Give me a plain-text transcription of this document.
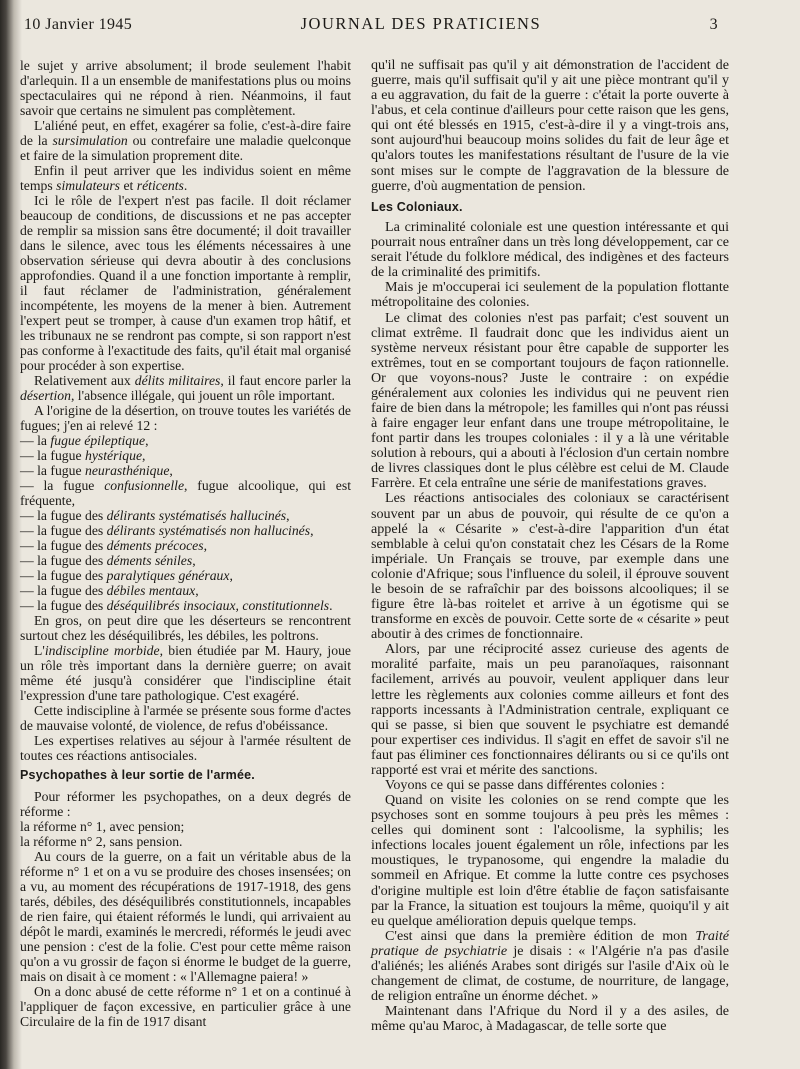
10 Janvier 1945	JOURNAL DES PRATICIENS	3

le sujet y arrive absolument; il brode seulement l'habit d'arlequin. Il a un ensemble de manifestations plus ou moins spectaculaires qui ne répond à rien. Néanmoins, il faut savoir que certains ne simulent pas complètement.

L'aliéné peut, en effet, exagérer sa folie, c'est-à-dire faire de la sursimulation ou contrefaire une maladie quelconque et faire de la simulation proprement dite.

Enfin il peut arriver que les individus soient en même temps simulateurs et réticents.

Ici le rôle de l'expert n'est pas facile. Il doit réclamer beaucoup de conditions, de discussions et ne pas accepter de remplir sa mission sans être documenté; il doit travailler dans le silence, avec tous les éléments nécessaires à une observation sérieuse qui devra aboutir à des conclusions approfondies. Quand il a une fonction importante à remplir, il faut réclamer de l'administration, généralement incompétente, les moyens de la mener à bien. Autrement l'expert peut se tromper, à cause d'un examen trop hâtif, et les tribunaux ne se rendront pas compte, si son rapport n'est pas conforme à l'exactitude des faits, qu'il était mal organisé pour procéder à son expertise.

Relativement aux délits militaires, il faut encore parler la désertion, l'absence illégale, qui jouent un rôle important.

A l'origine de la désertion, on trouve toutes les variétés de fugues; j'en ai relevé 12 :

— la fugue épileptique,

— la fugue hystérique,

— la fugue neurasthénique,

— la fugue confusionnelle, fugue alcoolique, qui est fréquente,

— la fugue des délirants systématisés hallucinés,

— la fugue des délirants systématisés non hallucinés,

— la fugue des déments précoces,

— la fugue des déments séniles,

— la fugue des paralytiques généraux,

— la fugue des débiles mentaux,

— la fugue des déséquilibrés insociaux, constitutionnels.

En gros, on peut dire que les déserteurs se rencontrent surtout chez les déséquilibrés, les débiles, les poltrons.

L'indiscipline morbide, bien étudiée par M. Haury, joue un rôle très important dans la dernière guerre; on avait même été jusqu'à considérer que l'indiscipline était l'expression d'une tare pathologique. C'est exagéré.

Cette indiscipline à l'armée se présente sous forme d'actes de mauvaise volonté, de violence, de refus d'obéissance.

Les expertises relatives au séjour à l'armée résultent de toutes ces réactions antisociales.

Psychopathes à leur sortie de l'armée.

Pour réformer les psychopathes, on a deux degrés de réforme :

la réforme n° 1, avec pension;

la réforme n° 2, sans pension.

Au cours de la guerre, on a fait un véritable abus de la réforme n° 1 et on a vu se produire des choses insensées; on a vu, au moment des récupérations de 1917-1918, des gens tarés, débiles, des déséquilibrés constitutionnels, incapables de rien faire, qui étaient réformés le lundi, qui arrivaient au dépôt le mardi, examinés le mercredi, réformés le jeudi avec une pension : c'est de la folie. C'est pour cette même raison qu'on a vu grossir de façon si énorme le budget de la guerre, mais on disait à ce moment : « l'Allemagne paiera! »

On a donc abusé de cette réforme n° 1 et on a continué à l'appliquer de façon excessive, en particulier grâce à une Circulaire de la fin de 1917 disant

qu'il ne suffisait pas qu'il y ait démonstration de l'accident de guerre, mais qu'il suffisait qu'il y ait une pièce montrant qu'il y a eu aggravation, du fait de la guerre : c'était la porte ouverte à l'abus, et cela continue d'ailleurs pour cette raison que les gens, qui ont été blessés en 1915, c'est-à-dire il y a vingt-trois ans, sont aujourd'hui beaucoup moins solides du fait de leur âge et qu'alors toutes les manifestations résultant de l'usure de la vie sont mises sur le compte de l'aggravation de la blessure de guerre, d'où augmentation de pension.

Les Coloniaux.

La criminalité coloniale est une question intéressante et qui pourrait nous entraîner dans un très long développement, car ce serait l'étude du folklore médical, des indigènes et des facteurs de la criminalité des primitifs.

Mais je m'occuperai ici seulement de la population flottante métropolitaine des colonies.

Le climat des colonies n'est pas parfait; c'est souvent un climat extrême. Il faudrait donc que les individus aient un système nerveux résistant pour être capable de supporter les extrêmes, tout en se comportant toujours de façon rationnelle. Or que voyons-nous? Juste le contraire : on expédie généralement aux colonies les individus qui ne peuvent rien faire de bien dans la métropole; les familles qui n'ont pas réussi à faire engager leur enfant dans une troupe métropolitaine, le font partir dans les troupes coloniales : il y a là une véritable solution à rebours, qui a abouti à l'éclosion d'un certain nombre de livres classiques dont le plus célèbre est celui de M. Claude Farrère. Et cela entraîne une série de manifestations graves.

Les réactions antisociales des coloniaux se caractérisent souvent par un abus de pouvoir, qui résulte de ce qu'on a appelé la « Césarite » c'est-à-dire l'apparition d'un état semblable à celui qu'on constatait chez les Césars de la Rome impériale. Un Français se trouve, par exemple dans une colonie d'Afrique; sous l'influence du soleil, il éprouve souvent le besoin de se rafraîchir par des boissons alcooliques; il se figure être là-bas roitelet et arrive à un égotisme qui se transforme en excès de pouvoir. Cette sorte de « césarite » peut aboutir à des crimes de fonctionnaire.

Alors, par une réciprocité assez curieuse des agents de moralité parfaite, mais un peu paranoïaques, raisonnant facilement, arrivés au pouvoir, veulent appliquer dans leur lettre les règlements aux colonies comme ailleurs et font des rapports incessants à l'Administration centrale, expliquant ce qui se passe, si bien que souvent le psychiatre est demandé pour expertiser ces individus. Il s'agit en effet de savoir s'il ne faut pas éliminer ces fonctionnaires délirants ou si ce qu'ils ont rapporté est vrai et mérite des sanctions.

Voyons ce qui se passe dans différentes colonies :

Quand on visite les colonies on se rend compte que les psychoses sont en somme toujours à peu près les mêmes : celles qui dominent sont : l'alcoolisme, la syphilis; les infections locales jouent également un rôle, infections par les moustiques, le trypanosome, qui engendre la maladie du sommeil en Afrique. Et comme la lutte contre ces psychoses d'origine multiple est loin d'être établie de façon satisfaisante par la France, la situation est toujours la même, quoiqu'il y ait eu quelque amélioration depuis quelque temps.

C'est ainsi que dans la première édition de mon Traité pratique de psychiatrie je disais : « l'Algérie n'a pas d'asile d'aliénés; les aliénés Arabes sont dirigés sur l'asile d'Aix où le changement de climat, de costume, de nourriture, de langage, de religion entraîne un énorme déchet. »

Maintenant dans l'Afrique du Nord il y a des asiles, de même qu'au Maroc, à Madagascar, de telle sorte que
